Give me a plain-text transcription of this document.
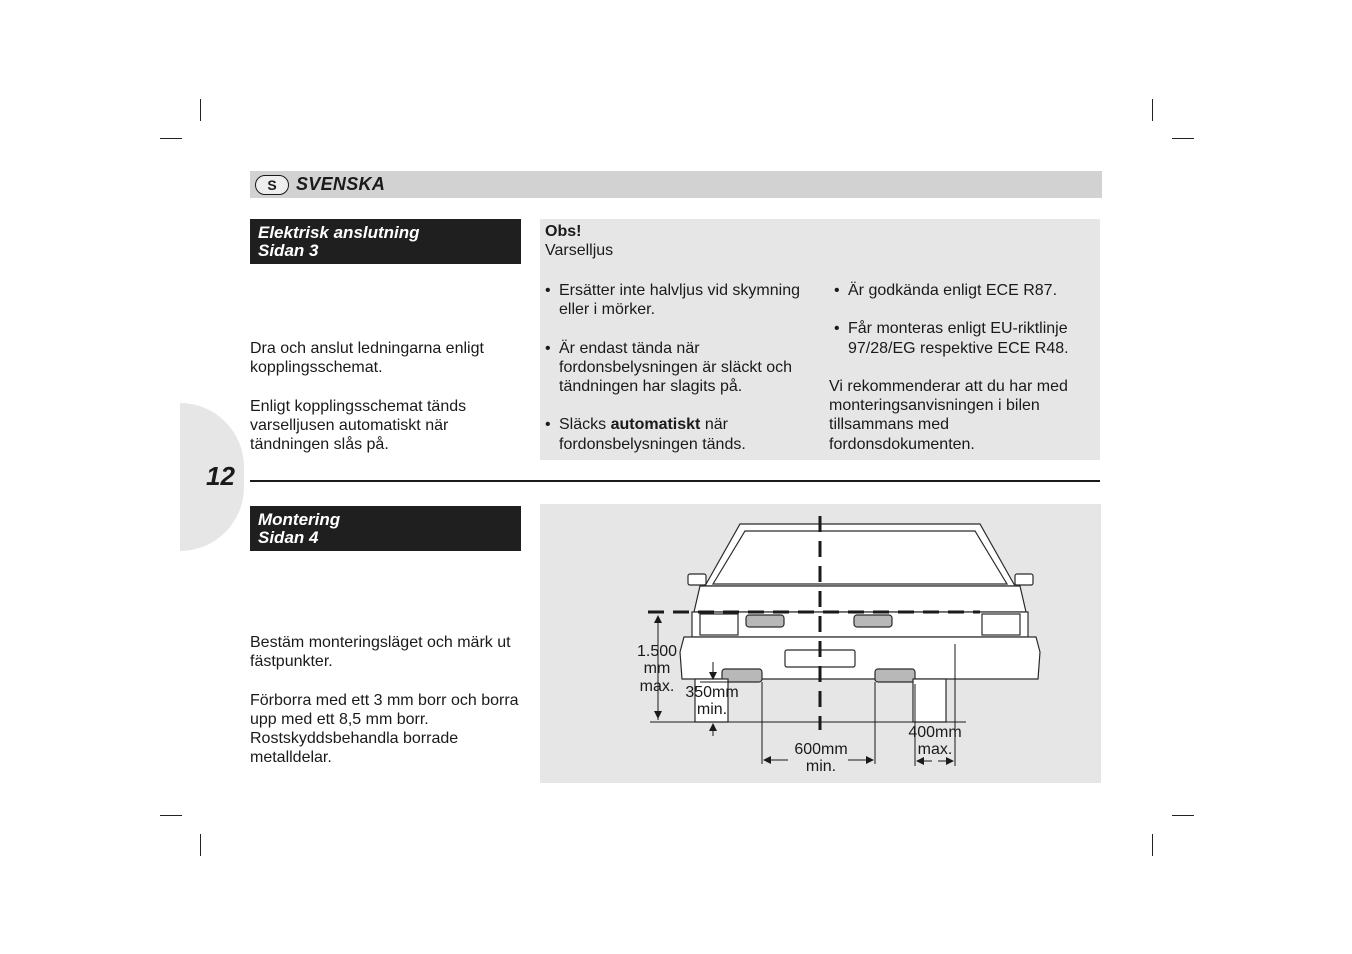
S	SVENSKA
Elektrisk anslutning
Sidan 3

Dra och anslut ledningarna enligt kopplingsschemat.

Enligt kopplingsschemat tänds varselljusen automatiskt när tändningen slås på.

Obs!
Varselljus
• Ersätter inte halvljus vid skymning eller i mörker.
• Är endast tända när fordonsbelysningen är släckt och tändningen har slagits på.
• Släcks automatiskt när fordonsbelysningen tänds.
• Är godkända enligt ECE R87.
• Får monteras enligt EU-riktlinje 97/28/EG respektive ECE R48.

Vi rekommenderar att du har med monteringsanvisningen i bilen tillsammans med fordonsdokumenten.

12
Montering
Sidan 4

Bestäm monteringsläget och märk ut fästpunkter.

Förborra med ett 3 mm borr och borra upp med ett 8,5 mm borr. Rostskyddsbehandla borrade metalldelar.

1.500
mm
max. 350mm
min.
600mm
min.
400mm
max.
